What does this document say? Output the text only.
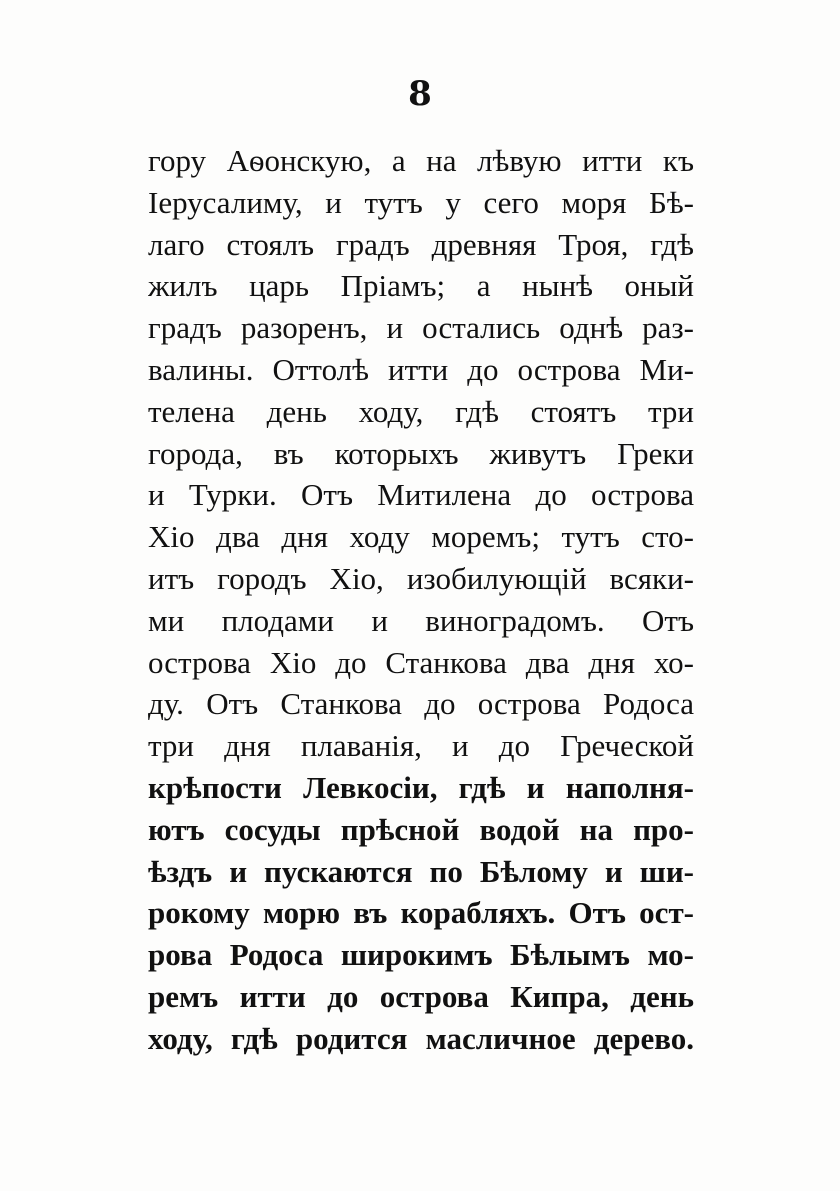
8
гору Аѳонскую, а на лѣвую итти къ
Іерусалиму, и тутъ у сего моря Бѣ-
лаго стоялъ градъ древняя Троя, гдѣ
жилъ царь Пріамъ; а нынѣ оный
градъ разоренъ, и остались однѣ раз-
валины. Оттолѣ итти до острова Ми-
телена день ходу, гдѣ стоятъ три
города, въ которыхъ живутъ Греки
и Турки. Отъ Митилена до острова
Хіо два дня ходу моремъ; тутъ сто-
итъ городъ Хіо, изобилующій всяки-
ми плодами и виноградомъ. Отъ
острова Хіо до Станкова два дня хо-
ду. Отъ Станкова до острова Родоса
три дня плаванія, и до Греческой
крѣпости Левкосіи, гдѣ и наполня-
ютъ сосуды прѣсной водой на про-
ѣздъ и пускаются по Бѣлому и ши-
рокому морю въ корабляхъ. Отъ ост-
рова Родоса широкимъ Бѣлымъ мо-
ремъ итти до острова Кипра, день
ходу, гдѣ родится масличное дерево.
